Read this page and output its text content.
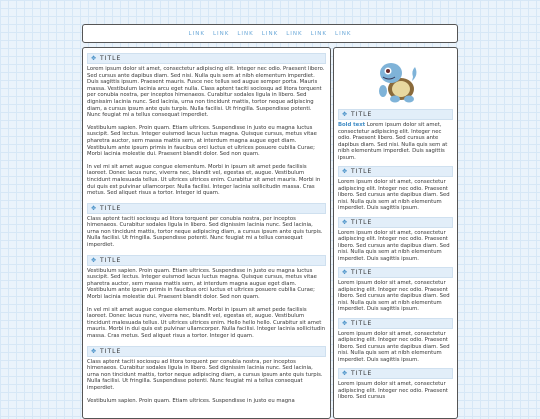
LINK LINK LINK LINK LINK LINK LINK
✥ TITLE

Lorem ipsum dolor sit amet, consectetur adipiscing elit. Integer nec odio. Praesent libero. Sed cursus ante dapibus diam. Sed nisi. Nulla quis sem at nibh elementum imperdiet. Duis sagittis ipsum. Praesent mauris. Fusce nec tellus sed augue semper porta. Mauris massa. Vestibulum lacinia arcu eget nulla. Class aptent taciti sociosqu ad litora torquent per conubia nostra, per inceptos himenaeos. Curabitur sodales ligula in libero. Sed dignissim lacinia nunc. Sed lacinia, urna non tincidunt mattis, tortor neque adipiscing diam, a cursus ipsum ante quis turpis. Nulla facilisi. Ut fringilla. Suspendisse potenti. Nunc feugiat mi a tellus consequat imperdiet.

Vestibulum sapien. Proin quam. Etiam ultrices. Suspendisse in justo eu magna luctus suscipit. Sed lectus. Integer euismod lacus luctus magna. Quisque cursus, metus vitae pharetra auctor, sem massa mattis sem, at interdum magna augue eget diam. Vestibulum ante ipsum primis in faucibus orci luctus et ultrices posuere cubilia Curae; Morbi lacinia molestie dui. Praesent blandit dolor. Sed non quam.

In vel mi sit amet augue congue elementum. Morbi in ipsum sit amet pede facilisis laoreet. Donec lacus nunc, viverra nec, blandit vel, egestas et, augue. Vestibulum tincidunt malesuada tellus. Ut ultrices ultrices enim. Curabitur sit amet mauris. Morbi in dui quis est pulvinar ullamcorper. Nulla facilisi. Integer lacinia sollicitudin massa. Cras metus. Sed aliquet risus a tortor. Integer id quam.

✥ TITLE

Class aptent taciti sociosqu ad litora torquent per conubia nostra, per inceptos himenaeos. Curabitur sodales ligula in libero. Sed dignissim lacinia nunc. Sed lacinia, urna non tincidunt mattis, tortor neque adipiscing diam, a cursus ipsum ante quis turpis. Nulla facilisi. Ut fringilla. Suspendisse potenti. Nunc feugiat mi a tellus consequat imperdiet.

✥ TITLE

Vestibulum sapien. Proin quam. Etiam ultrices. Suspendisse in justo eu magna luctus suscipit. Sed lectus. Integer euismod lacus luctus magna. Quisque cursus, metus vitae pharetra auctor, sem massa mattis sem, at interdum magna augue eget diam. Vestibulum ante ipsum primis in faucibus orci luctus et ultrices posuere cubilia Curae; Morbi lacinia molestie dui. Praesent blandit dolor. Sed non quam.

In vel mi sit amet augue congue elementum. Morbi in ipsum sit amet pede facilisis laoreet. Donec lacus nunc, viverra nec, blandit vel, egestas et, augue. Vestibulum tincidunt malesuada tellus. Ut ultrices ultrices enim. Hello hello hello. Curabitur sit amet mauris. Morbi in dui quis est pulvinar ullamcorper. Nulla facilisi. Integer lacinia sollicitudin massa. Cras metus. Sed aliquet risus a tortor. Integer id quam.

✥ TITLE

Class aptent taciti sociosqu ad litora torquent per conubia nostra, per inceptos himenaeos. Curabitur sodales ligula in libero. Sed dignissim lacinia nunc. Sed lacinia, urna non tincidunt mattis, tortor neque adipiscing diam, a cursus ipsum ante quis turpis. Nulla facilisi. Ut fringilla. Suspendisse potenti. Nunc feugiat mi a tellus consequat imperdiet.

Vestibulum sapien. Proin quam. Etiam ultrices. Suspendisse in justo eu magna

✥ TITLE

Bold text Lorem ipsum dolor sit amet, consectetur adipiscing elit. Integer nec odio. Praesent libero. Sed cursus ante dapibus diam. Sed nisi. Nulla quis sem at nibh elementum imperdiet. Duis sagittis ipsum.

✥ TITLE

Lorem ipsum dolor sit amet, consectetur adipiscing elit. Integer nec odio. Praesent libero. Sed cursus ante dapibus diam. Sed nisi. Nulla quis sem at nibh elementum imperdiet. Duis sagittis ipsum.

✥ TITLE

Lorem ipsum dolor sit amet, consectetur adipiscing elit. Integer nec odio. Praesent libero. Sed cursus ante dapibus diam. Sed nisi. Nulla quis sem at nibh elementum imperdiet. Duis sagittis ipsum.

✥ TITLE

Lorem ipsum dolor sit amet, consectetur adipiscing elit. Integer nec odio. Praesent libero. Sed cursus ante dapibus diam. Sed nisi. Nulla quis sem at nibh elementum imperdiet. Duis sagittis ipsum.

✥ TITLE

Lorem ipsum dolor sit amet, consectetur adipiscing elit. Integer nec odio. Praesent libero. Sed cursus ante dapibus diam. Sed nisi. Nulla quis sem at nibh elementum imperdiet. Duis sagittis ipsum.

✥ TITLE

Lorem ipsum dolor sit amet, consectetur adipiscing elit. Integer nec odio. Praesent libero. Sed cursus
